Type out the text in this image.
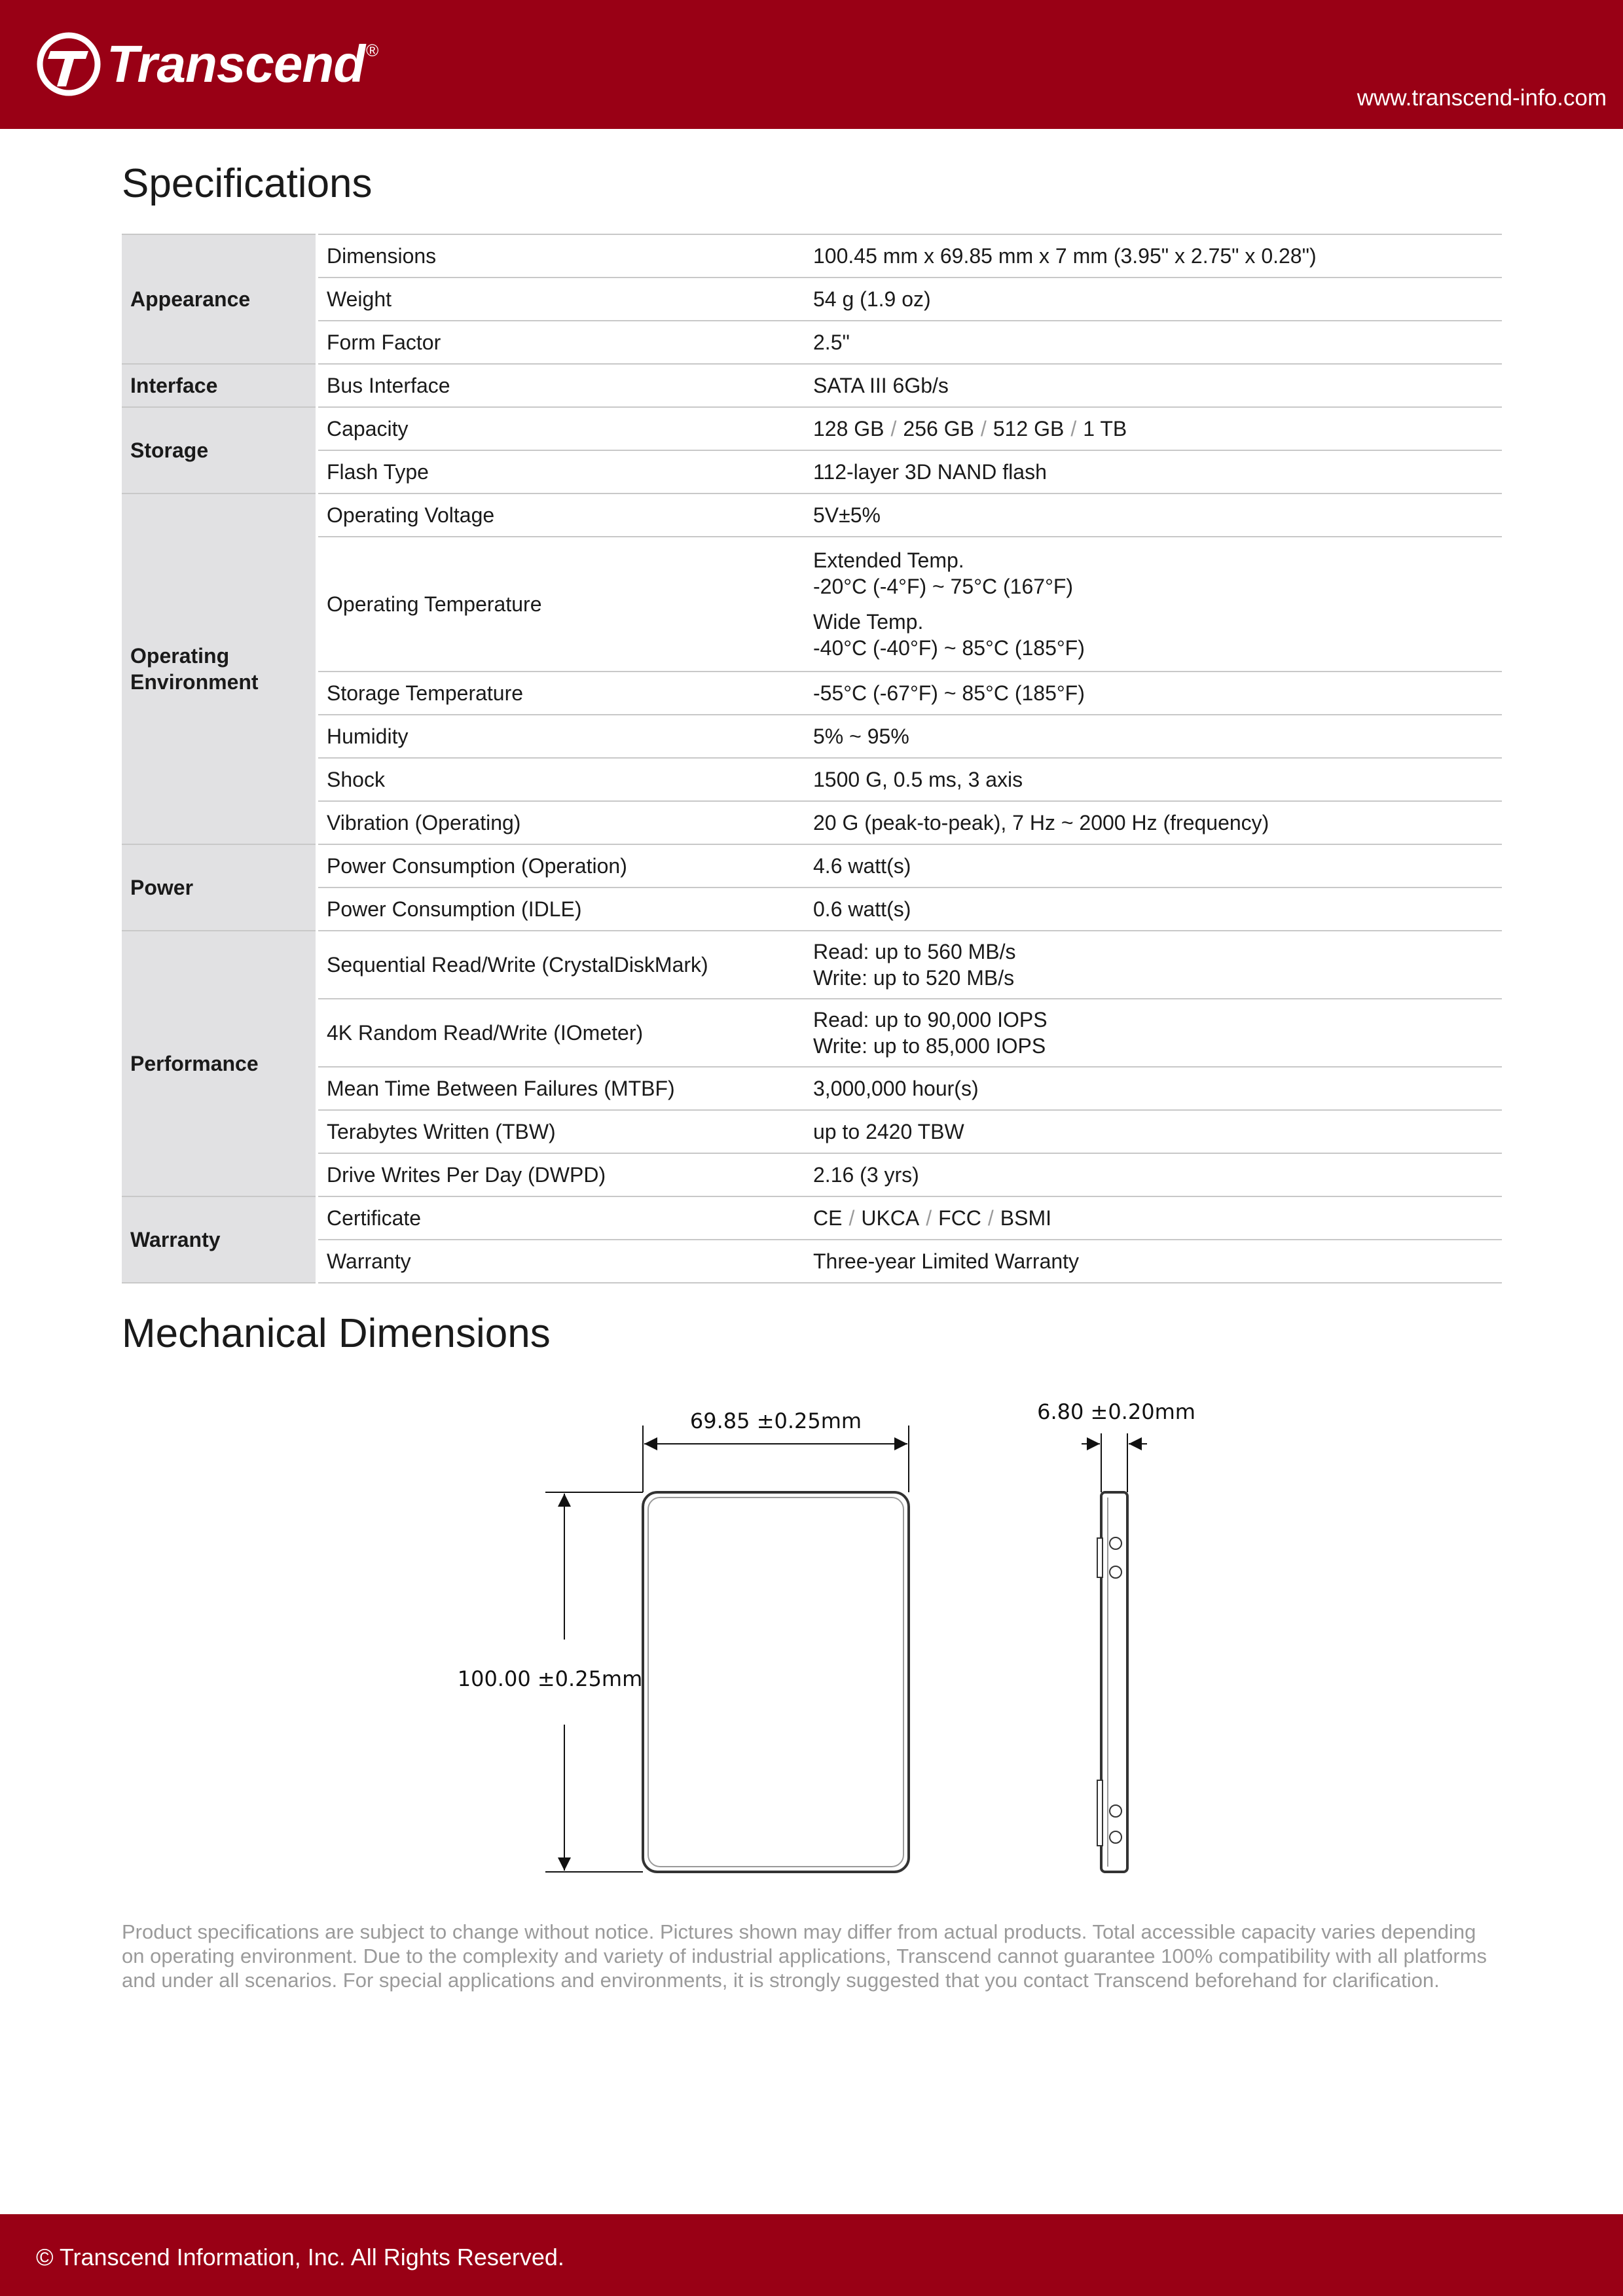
Transcend ®
www.transcend-info.com
Specifications
Appearance	Dimensions	100.45 mm x 69.85 mm x 7 mm (3.95" x 2.75" x 0.28")

	Weight	54 g (1.9 oz)

	Form Factor	2.5"

Interface	Bus Interface	SATA III 6Gb/s

Storage	Capacity	128 GB / 256 GB / 512 GB / 1 TB
	Flash Type	112-layer 3D NAND flash

Operating
Environment	Operating Voltage	5V±5%

	Operating Temperature	Extended Temp.
-20°C (-4°F) ~ 75°C (167°F)
Wide Temp.
-40°C (-40°F) ~ 85°C (185°F)

	Storage Temperature	-55°C (-67°F) ~ 85°C (185°F)

	Humidity	5% ~ 95%

	Shock	1500 G, 0.5 ms, 3 axis

	Vibration (Operating)	20 G (peak-to-peak), 7 Hz ~ 2000 Hz (frequency)

Power	Power Consumption (Operation)	4.6 watt(s)

	Power Consumption (IDLE)	0.6 watt(s)

Performance	Sequential Read/Write (CrystalDiskMark)	Read: up to 560 MB/s
Write: up to 520 MB/s

	4K Random Read/Write (IOmeter)	Read: up to 90,000 IOPS
Write: up to 85,000 IOPS

	Mean Time Between Failures (MTBF)	3,000,000 hour(s)

	Terabytes Written (TBW)	up to 2420 TBW

	Drive Writes Per Day (DWPD)	2.16 (3 yrs)

Warranty	Certificate	CE / UKCA / FCC / BSMI
	Warranty	Three-year Limited Warranty
Mechanical Dimensions
69.85 ±0.25mm
100.00 ±0.25mm
6.80 ±0.20mm
Product specifications are subject to change without notice. Pictures shown may differ from actual products. Total accessible capacity varies depending on operating environment. Due to the complexity and variety of industrial applications, Transcend cannot guarantee 100% compatibility with all platforms and under all scenarios. For special applications and environments, it is strongly suggested that you contact Transcend beforehand for clarification.
© Transcend Information, Inc. All Rights Reserved.
